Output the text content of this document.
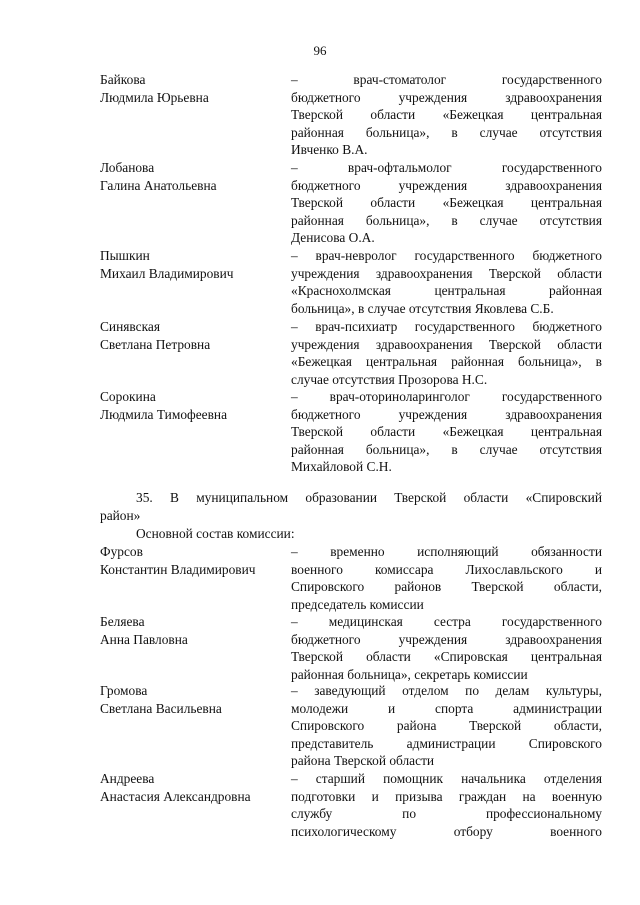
96
Байкова
Людмила Юрьевна
– врач-стоматолог государственного
бюджетного учреждения здравоохранения
Тверской области «Бежецкая центральная
районная больница», в случае отсутствия
Ивченко В.А.
Лобанова
Галина Анатольевна
– врач-офтальмолог государственного
бюджетного учреждения здравоохранения
Тверской области «Бежецкая центральная
районная больница», в случае отсутствия
Денисова О.А.
Пышкин
Михаил Владимирович
– врач-невролог государственного бюджетного
учреждения здравоохранения Тверской области
«Краснохолмская центральная районная
больница», в случае отсутствия Яковлева С.Б.
Синявская
Светлана Петровна
– врач-психиатр государственного бюджетного
учреждения здравоохранения Тверской области
«Бежецкая центральная районная больница», в
случае отсутствия Прозорова Н.С.
Сорокина
Людмила Тимофеевна
– врач-оториноларинголог государственного
бюджетного учреждения здравоохранения
Тверской области «Бежецкая центральная
районная больница», в случае отсутствия
Михайловой С.Н.
35. В муниципальном образовании Тверской области «Спировский
район»
Основной состав комиссии:
Фурсов
Константин Владимирович
– временно исполняющий обязанности
военного комиссара Лихославльского и
Спировского районов Тверской области,
председатель комиссии
Беляева
Анна Павловна
– медицинская сестра государственного
бюджетного учреждения здравоохранения
Тверской области «Спировская центральная
районная больница», секретарь комиссии
Громова
Светлана Васильевна
– заведующий отделом по делам культуры,
молодежи и спорта администрации
Спировского района Тверской области,
представитель администрации Спировского
района Тверской области
Андреева
Анастасия Александровна
– старший помощник начальника отделения
подготовки и призыва граждан на военную
службу по профессиональному
психологическому отбору военного
